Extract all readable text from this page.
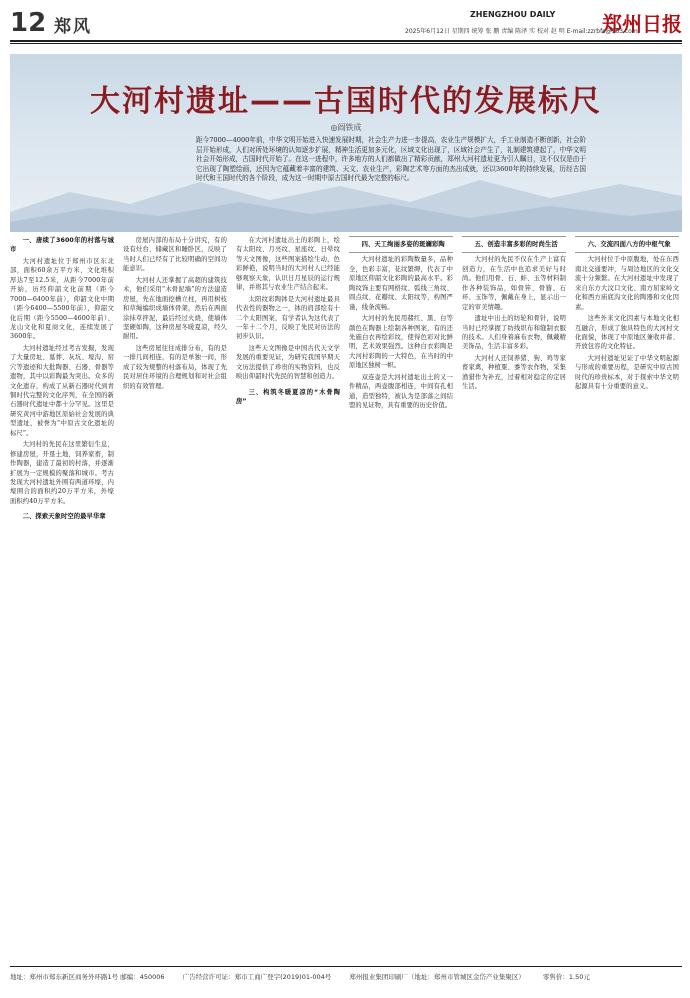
12 郑风
ZHENGZHOU DAILY 郑州日报
2025年6月12日 星期四 统筹 张 鹏 责编 陈泽 实 校对 赵 明 E-mail:zzrbfc@163.com
大河村遗址——古国时代的发展标尺
◎阎铁成
距今7000—4000年前，中华文明开始进入快速发展时期，社会生产力进一步提高，农业生产规模扩大，手工业制造不断创新，社会阶层开始形成，人们对所处环境的认知逐步扩展，精神生活更加多元化，区域文化出现了，区域社会产生了，礼制建筑建起了，中华文明社会开始形成，古国时代开始了。在这一进程中，许多地方的人们都做出了精彩贡献，郑州大河村遗址更为引人瞩目，这不仅仅是由于它出现了陶塑绘画，还因为它蕴藏着丰富的建筑、天文、农业生产，彩陶艺术等方面的杰出成就，还以3600年的持续发展，历经古国时代和王国时代的各个阶段，成为这一时期中原古国时代最为完整的标尺。

一、唐续了3600年的村落与城市

大河村遗址位于郑州市区东北部，面积60余万平方米，文化堆积厚达7至12.5米，从距今7000年前开始，历经仰韶文化前期（距今7000—6400年前），仰韶文化中期（距今6400—5500年前），仰韶文化后期（距今5500—4600年前）、龙山文化和夏商文化，连续发展了3600年。

大河村遗址经过考古发掘，发现了大量房址、墓葬、灰坑、壕沟、窑穴等遗迹和大批陶器、石器、骨器等遗物，其中以彩陶最为突出。众多的文化遗存，构成了从新石器时代到青铜时代完整的文化序列，在全国的新石器时代遗址中都十分罕见。这里是研究黄河中游地区原始社会发展的典型遗址，被誉为“中原古文化遗址的标尺”。

大河村的先民在这里繁衍生息，修建房屋，开垦土地，饲养家畜，制作陶器，建造了最初的村落，并逐渐扩展为一定规模的聚落和城市。考古发现大河村遗址外围有两道环壕，内壕围合的面积约20万平方米，外壕面积约40万平方米。

二、探索天象时空的最早华章

房屋内部的布局十分讲究，有的设有灶台、储藏区和睡卧区，反映了当时人们已经有了比较明确的空间功能意识。

大河村人还掌握了高超的建筑技术，他们采用“木骨泥墙”的方法建造房屋，先在地面挖槽立柱，再用树枝和草绳编织成墙体骨架，然后在两面涂抹草拌泥，最后经过火烧，使墙体坚硬如陶，这种房屋冬暖夏凉，经久耐用。

这些房屋往往成排分布，有的是一排几间相连，有的是单独一间，形成了较为规整的村落布局，体现了先民对居住环境的合理规划和对社会组织的有效管理。

在大河村遗址出土的彩陶上，绘有太阳纹、月亮纹、星座纹、日晕纹等天文图像，这些图案描绘生动，色彩鲜艳，说明当时的大河村人已经能够观察天象，认识日月星辰的运行规律，并将其与农业生产结合起来。

太阳纹彩陶钵是大河村遗址最具代表性的器物之一，钵的肩部绘有十二个太阳图案，有学者认为这代表了一年十二个月，反映了先民对历法的初步认识。

这些天文图像是中国古代天文学发展的重要见证，为研究我国早期天文历法提供了珍贵的实物资料，也反映出仰韶时代先民的智慧和创造力。

三、构筑冬暖夏凉的“木骨陶房”

四、天工绚丽多姿的斑斓彩陶

大河村遗址的彩陶数量多，品种全，色彩丰富，花纹繁缛，代表了中原地区仰韶文化彩陶的最高水平。彩陶纹饰主要有网格纹、弧线三角纹、圆点纹、花瓣纹、太阳纹等，构图严谨，线条流畅。

大河村的先民用赭红、黑、白等颜色在陶器上绘制各种图案，有的还先施白衣再绘彩纹，使得色彩对比鲜明，艺术效果强烈。这种白衣彩陶是大河村彩陶的一大特色，在当时的中原地区独树一帜。

双连壶是大河村遗址出土的又一件精品，两壶腹部相连，中间有孔相通，造型独特，被认为是部落之间结盟的见证物，具有重要的历史价值。

五、创造丰富多彩的时尚生活

大河村的先民不仅在生产上富有创造力，在生活中也追求美好与时尚。他们用骨、石、蚌、玉等材料制作各种装饰品，如骨笄、骨簪、石环、玉饰等，佩戴在身上，显示出一定的审美情趣。

遗址中出土的纺轮和骨针，说明当时已经掌握了纺线织布和缝制衣服的技术。人们身着麻布衣物，佩戴精美饰品，生活丰富多彩。

大河村人还饲养猪、狗、鸡等家畜家禽，种植粟、黍等农作物，采集渔猎作为补充，过着相对稳定的定居生活。

六、交流四面八方的中枢气象

大河村位于中原腹地，处在东西南北交通要冲，与周边地区的文化交流十分频繁。在大河村遗址中发现了来自东方大汶口文化、南方屈家岭文化和西方庙底沟文化的陶器和文化因素。

这些外来文化因素与本地文化相互融合，形成了独具特色的大河村文化面貌，体现了中原地区兼收并蓄、开放包容的文化特征。

大河村遗址见证了中华文明起源与形成的重要历程，是研究中原古国时代的珍贵标本，对于探索中华文明起源具有十分重要的意义。

地址：郑州市郑东新区商务外环路1号 邮编：450006	广告经营许可证：郑市工商广登字(2019)01-004号	郑州报业集团印刷厂（地址：郑州市管城区金岱产业集聚区）	零售价：1.50元
